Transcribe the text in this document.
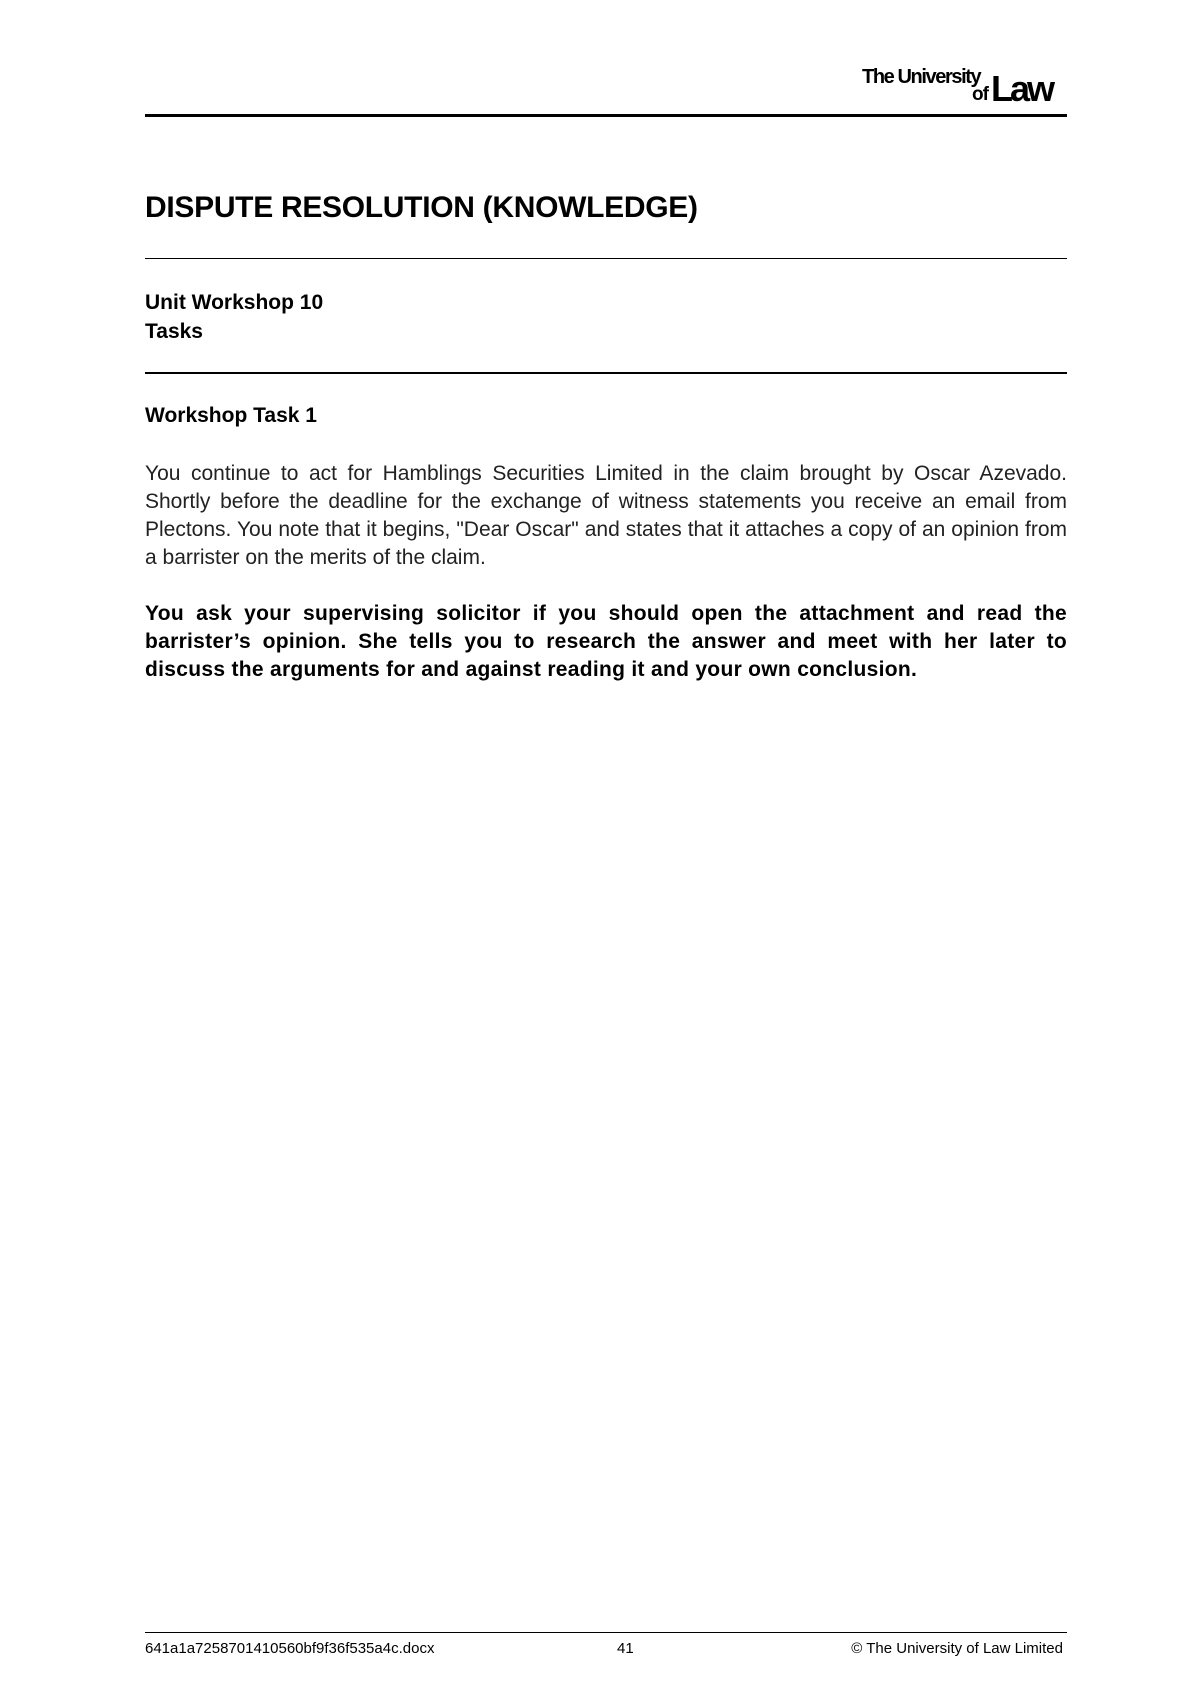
The University
of Law
DISPUTE RESOLUTION (KNOWLEDGE)
Unit Workshop 10
Tasks
Workshop Task 1

You continue to act for Hamblings Securities Limited in the claim brought by Oscar Azevado. Shortly before the deadline for the exchange of witness statements you receive an email from Plectons. You note that it begins, "Dear Oscar" and states that it attaches a copy of an opinion from a barrister on the merits of the claim.

You ask your supervising solicitor if you should open the attachment and read the barrister’s opinion. She tells you to research the answer and meet with her later to discuss the arguments for and against reading it and your own conclusion.

641a1a7258701410560bf9f36f535a4c.docx	41	© The University of Law Limited
